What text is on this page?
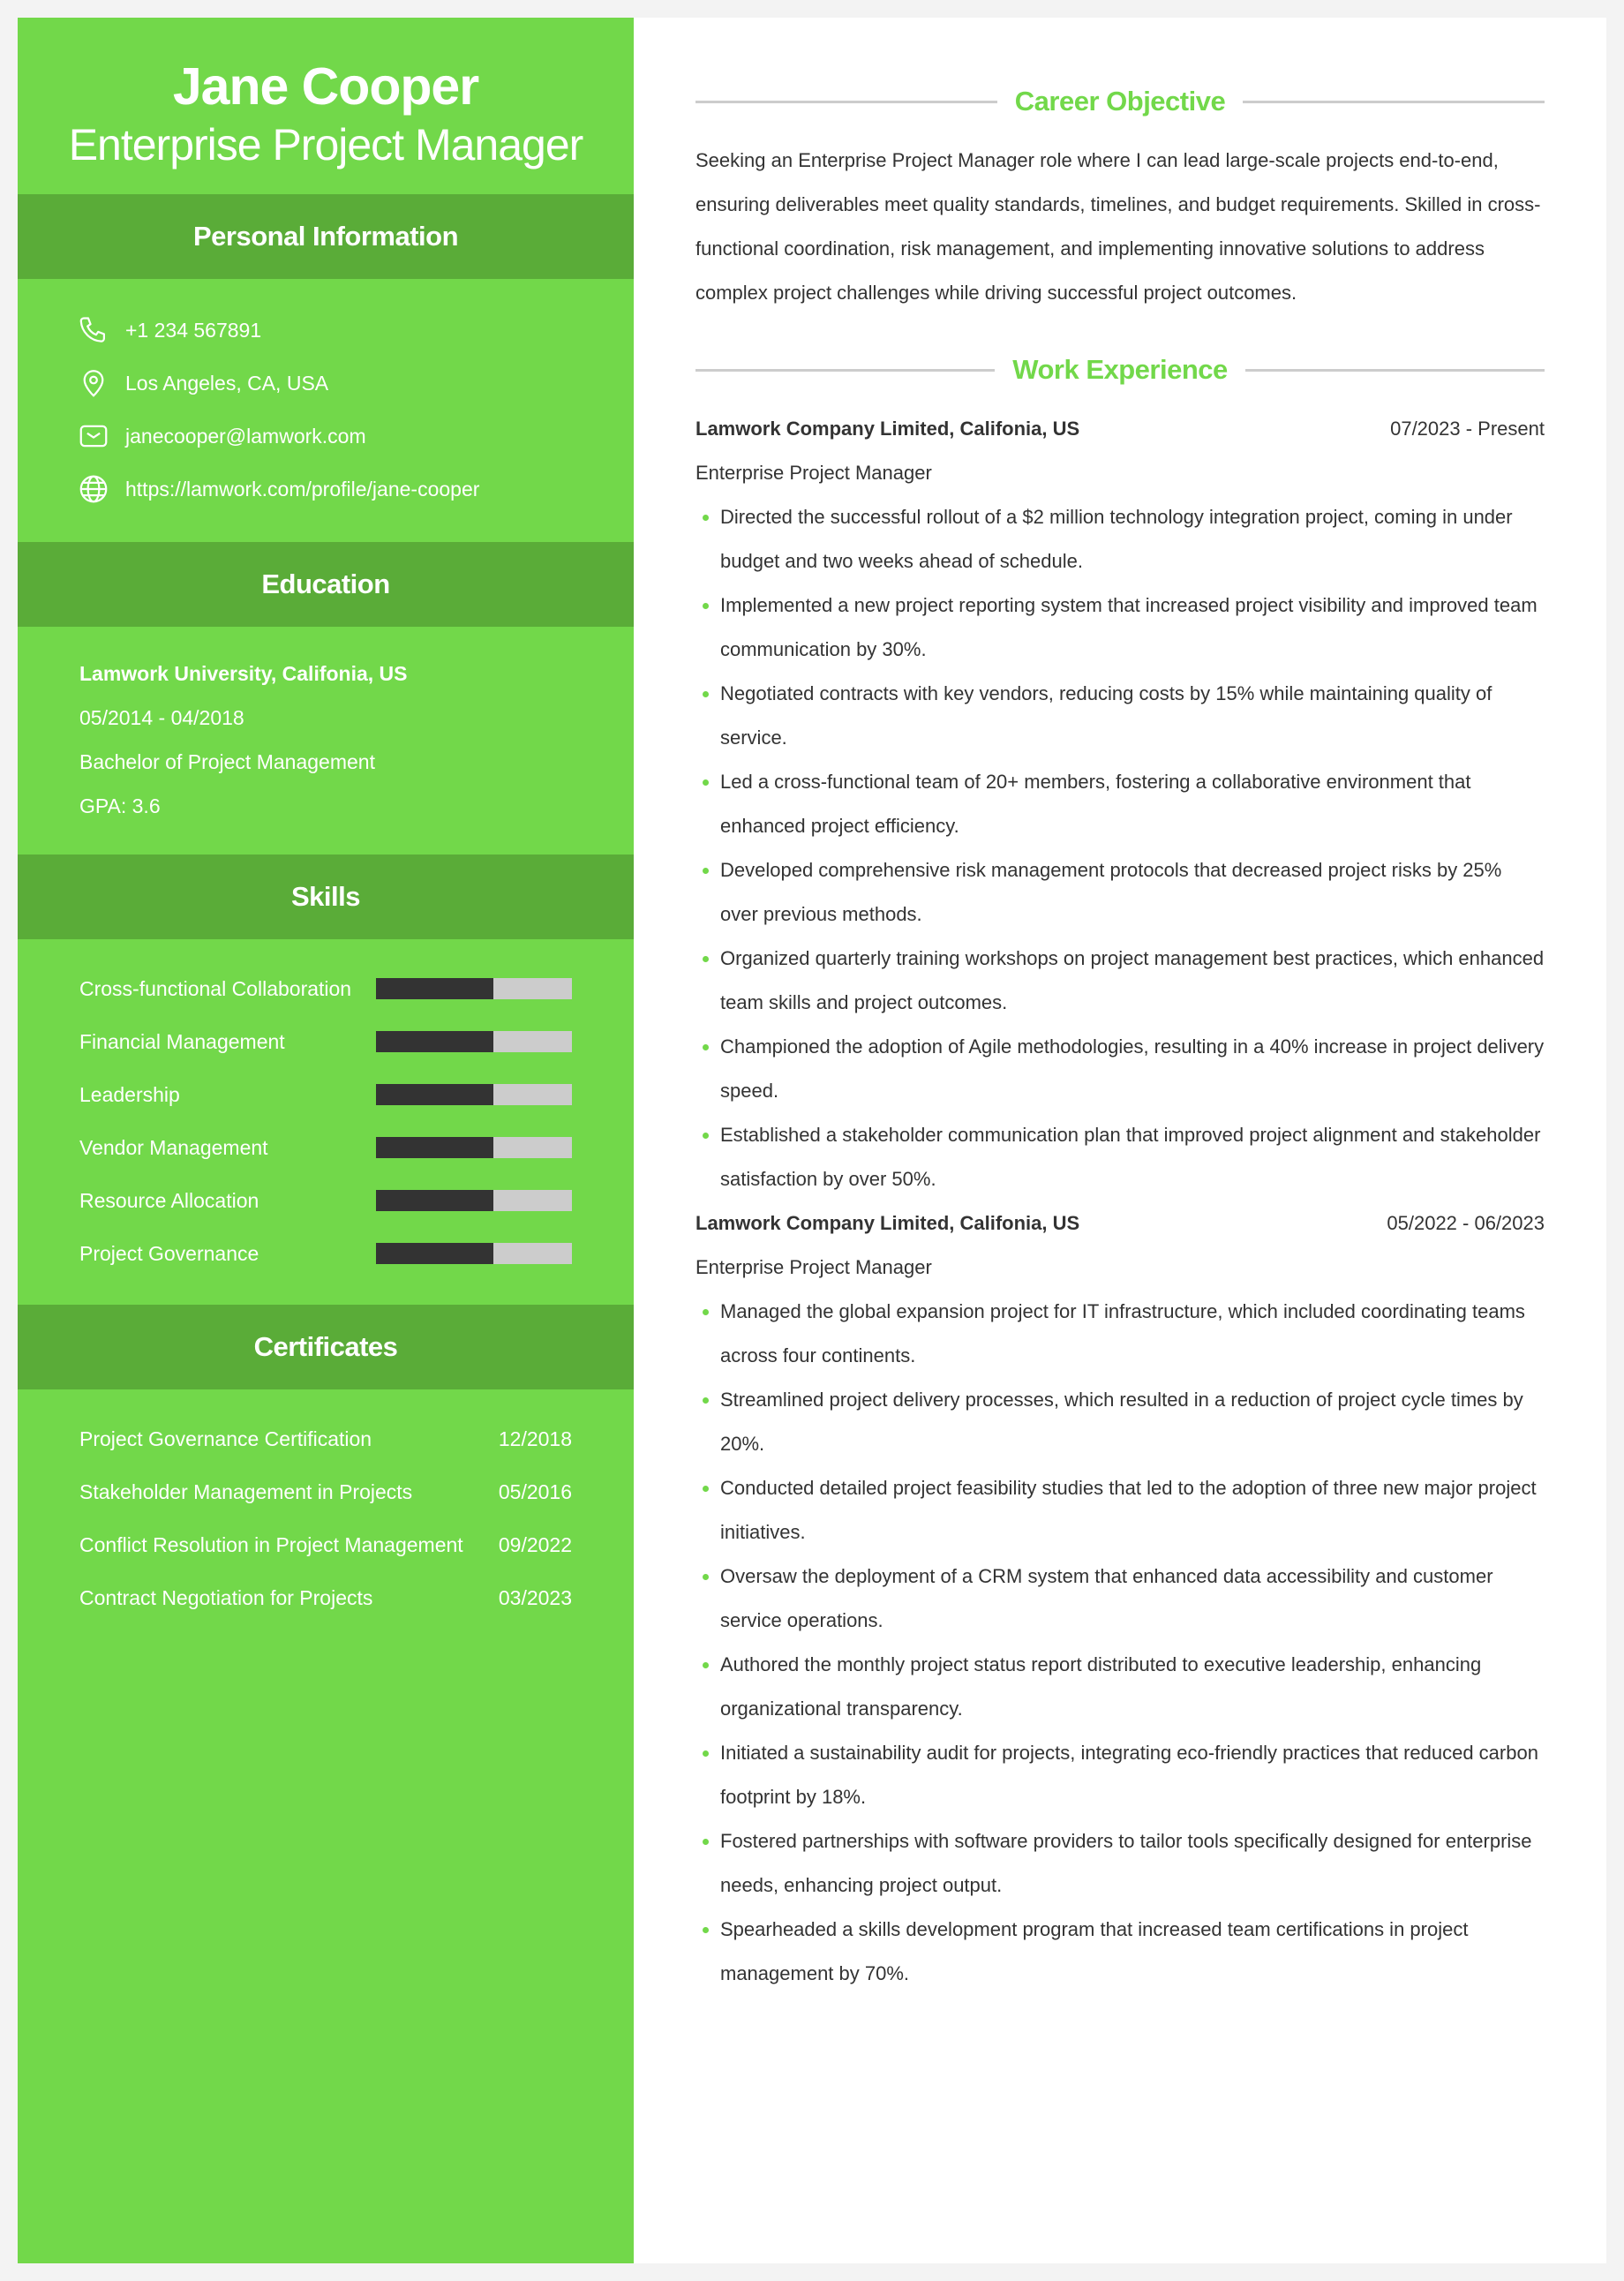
Jane Cooper
Enterprise Project Manager
Personal Information
+1 234 567891
Los Angeles, CA, USA
janecooper@lamwork.com
https://lamwork.com/profile/jane-cooper
Education
Lamwork University, Califonia, US
05/2014 - 04/2018
Bachelor of Project Management
GPA: 3.6
Skills
Cross-functional Collaboration
Financial Management
Leadership
Vendor Management
Resource Allocation
Project Governance
Certificates
Project Governance Certification	12/2018
Stakeholder Management in Projects	05/2016
Conflict Resolution in Project Management 09/2022
Contract Negotiation for Projects	03/2023
Career Objective

Seeking an Enterprise Project Manager role where I can lead large-scale projects end-to-end, ensuring deliverables meet quality standards, timelines, and budget requirements. Skilled in cross-functional coordination, risk management, and implementing innovative solutions to address complex project challenges while driving successful project outcomes.

Work Experience
Lamwork Company Limited, Califonia, US	07/2023 - Present
Enterprise Project Manager
Directed the successful rollout of a $2 million technology integration project, coming in under budget and two weeks ahead of schedule.
Implemented a new project reporting system that increased project visibility and improved team communication by 30%.
Negotiated contracts with key vendors, reducing costs by 15% while maintaining quality of service.
Led a cross-functional team of 20+ members, fostering a collaborative environment that enhanced project efficiency.
Developed comprehensive risk management protocols that decreased project risks by 25% over previous methods.
Organized quarterly training workshops on project management best practices, which enhanced team skills and project outcomes.
Championed the adoption of Agile methodologies, resulting in a 40% increase in project delivery speed.
Established a stakeholder communication plan that improved project alignment and stakeholder satisfaction by over 50%.
Lamwork Company Limited, Califonia, US	05/2022 - 06/2023
Enterprise Project Manager
Managed the global expansion project for IT infrastructure, which included coordinating teams across four continents.
Streamlined project delivery processes, which resulted in a reduction of project cycle times by 20%.
Conducted detailed project feasibility studies that led to the adoption of three new major project initiatives.
Oversaw the deployment of a CRM system that enhanced data accessibility and customer service operations.
Authored the monthly project status report distributed to executive leadership, enhancing organizational transparency.
Initiated a sustainability audit for projects, integrating eco-friendly practices that reduced carbon footprint by 18%.
Fostered partnerships with software providers to tailor tools specifically designed for enterprise needs, enhancing project output.
Spearheaded a skills development program that increased team certifications in project management by 70%.
